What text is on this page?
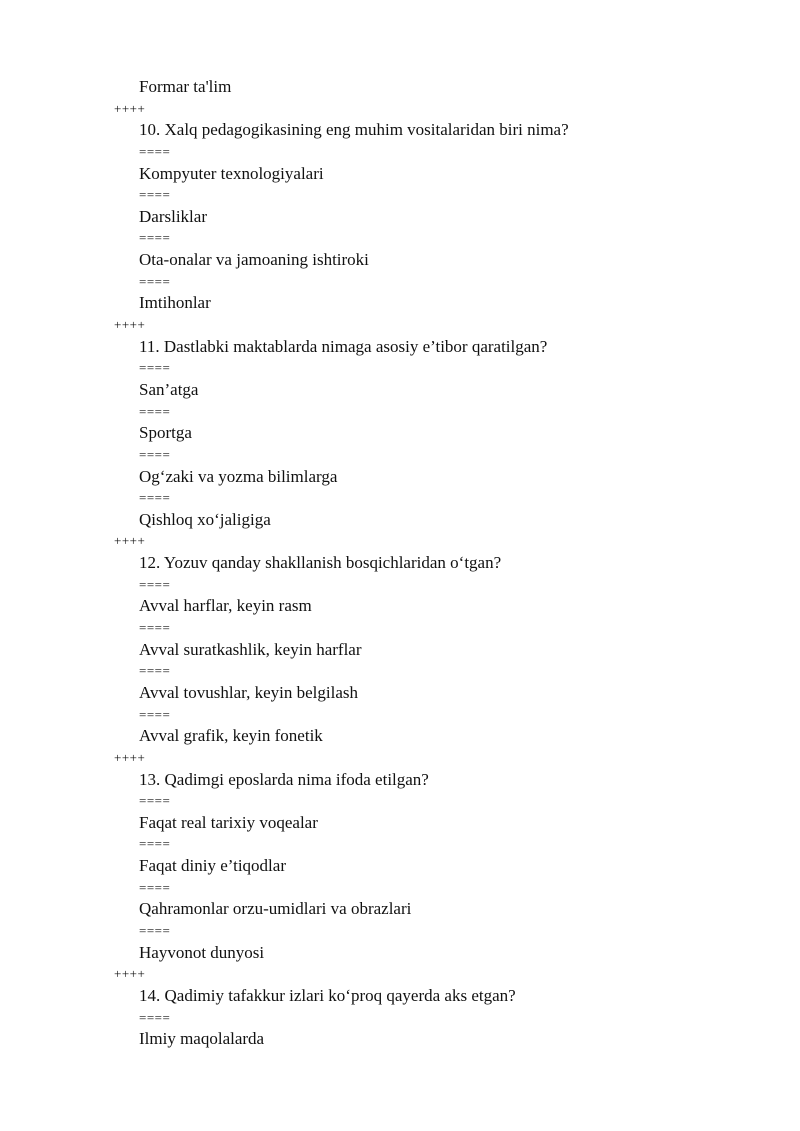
Formar ta'lim
++++
10. Xalq pedagogikasining eng muhim vositalaridan biri nima?
====
Kompyuter texnologiyalari
====
Darsliklar
====
Ota-onalar va jamoaning ishtiroki
====
Imtihonlar
++++
11. Dastlabki maktablarda nimaga asosiy e’tibor qaratilgan?
====
San’atga
====
Sportga
====
Og‘zaki va yozma bilimlarga
====
Qishloq xo‘jaligiga
++++
12. Yozuv qanday shakllanish bosqichlaridan o‘tgan?
====
Avval harflar, keyin rasm
====
Avval suratkashlik, keyin harflar
====
Avval tovushlar, keyin belgilash
====
Avval grafik, keyin fonetik
++++
13. Qadimgi eposlarda nima ifoda etilgan?
====
Faqat real tarixiy voqealar
====
Faqat diniy e’tiqodlar
====
Qahramonlar orzu-umidlari va obrazlari
====
Hayvonot dunyosi
++++
14. Qadimiy tafakkur izlari ko‘proq qayerda aks etgan?
====
Ilmiy maqolalarda
